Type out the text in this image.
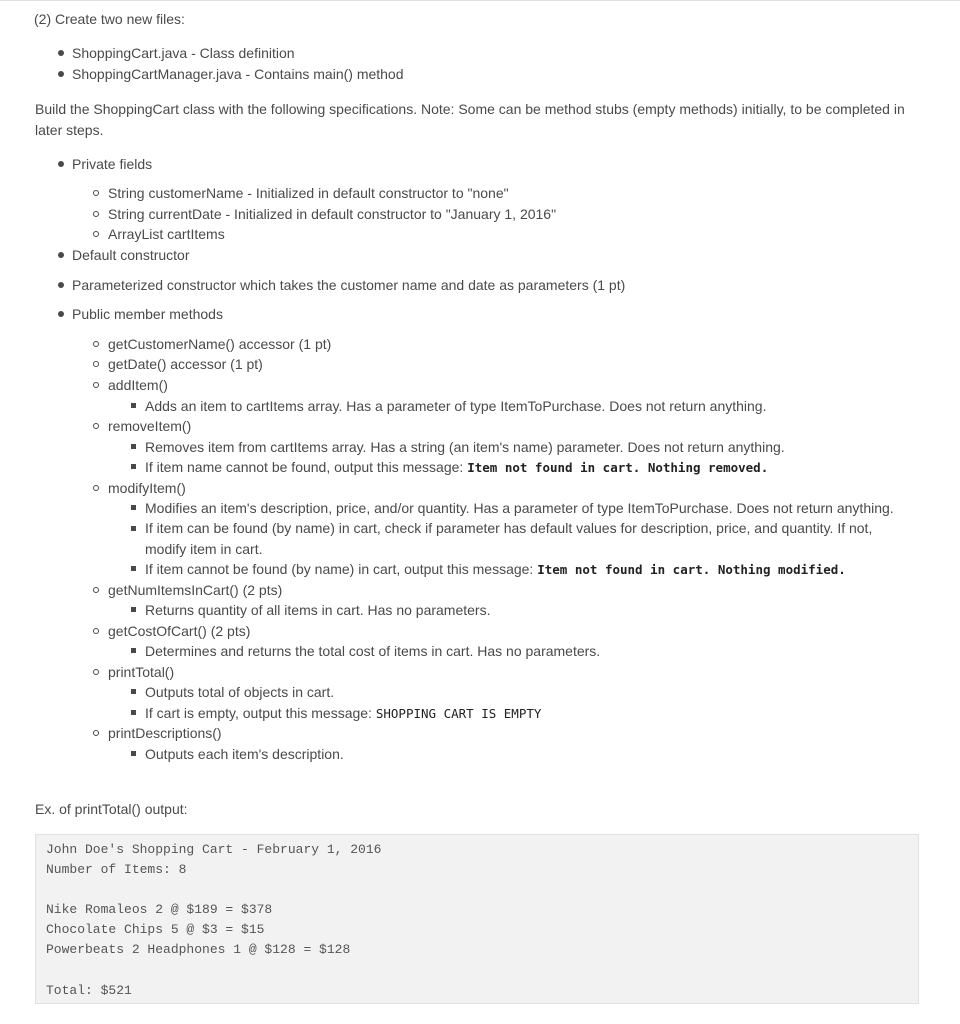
(2) Create two new files:
ShoppingCart.java - Class definition
ShoppingCartManager.java - Contains main() method
Build the ShoppingCart class with the following specifications. Note: Some can be method stubs (empty methods) initially, to be completed in later steps.
Private fields
String customerName - Initialized in default constructor to "none"
String currentDate - Initialized in default constructor to "January 1, 2016"
ArrayList cartItems
Default constructor
Parameterized constructor which takes the customer name and date as parameters (1 pt)
Public member methods
getCustomerName() accessor (1 pt)
getDate() accessor (1 pt)
addItem()
Adds an item to cartItems array. Has a parameter of type ItemToPurchase. Does not return anything.
removeItem()
Removes item from cartItems array. Has a string (an item's name) parameter. Does not return anything.
If item name cannot be found, output this message: Item not found in cart. Nothing removed.
modifyItem()
Modifies an item's description, price, and/or quantity. Has a parameter of type ItemToPurchase. Does not return anything.
If item can be found (by name) in cart, check if parameter has default values for description, price, and quantity. If not, modify item in cart.
If item cannot be found (by name) in cart, output this message: Item not found in cart. Nothing modified.
getNumItemsInCart() (2 pts)
Returns quantity of all items in cart. Has no parameters.
getCostOfCart() (2 pts)
Determines and returns the total cost of items in cart. Has no parameters.
printTotal()
Outputs total of objects in cart.
If cart is empty, output this message: SHOPPING CART IS EMPTY
printDescriptions()
Outputs each item's description.
Ex. of printTotal() output:
John Doe's Shopping Cart - February 1, 2016
Number of Items: 8
Nike Romaleos 2 @ $189 = $378
Chocolate Chips 5 @ $3 = $15
Powerbeats 2 Headphones 1 @ $128 = $128
Total: $521
